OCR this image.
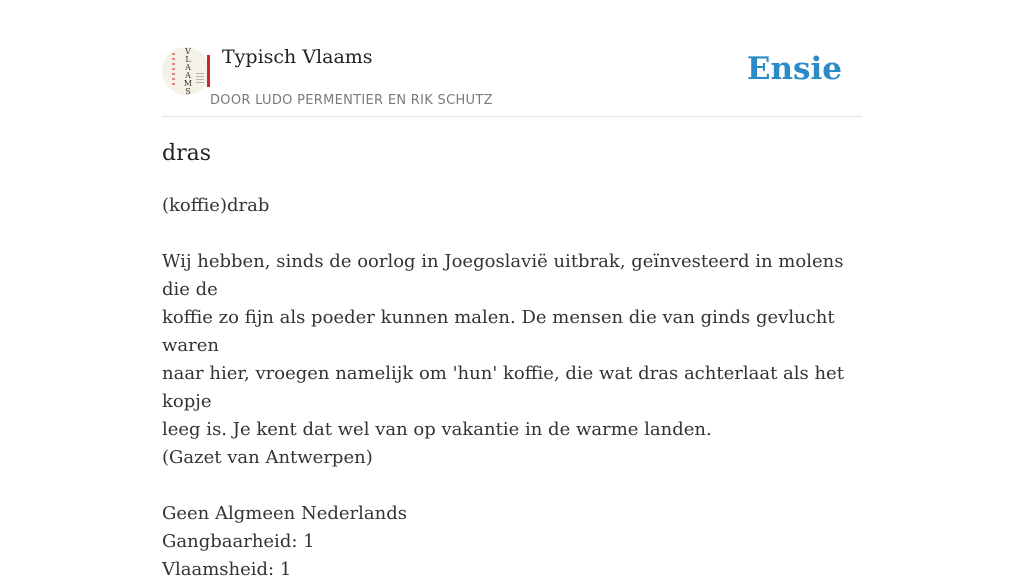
V
L
A
A
M
S
Typisch Vlaams
DOOR LUDO PERMENTIER EN RIK SCHUTZ
Ensie
dras

(koffie)drab

Wij hebben, sinds de oorlog in Joegoslavië uitbrak, geïnvesteerd in molens die de

koffie zo fijn als poeder kunnen malen. De mensen die van ginds gevlucht waren

naar hier, vroegen namelijk om 'hun' koffie, die wat dras achterlaat als het kopje

leeg is. Je kent dat wel van op vakantie in de warme landen.

(Gazet van Antwerpen)

Geen Algmeen Nederlands

Gangbaarheid: 1

Vlaamsheid: 1
